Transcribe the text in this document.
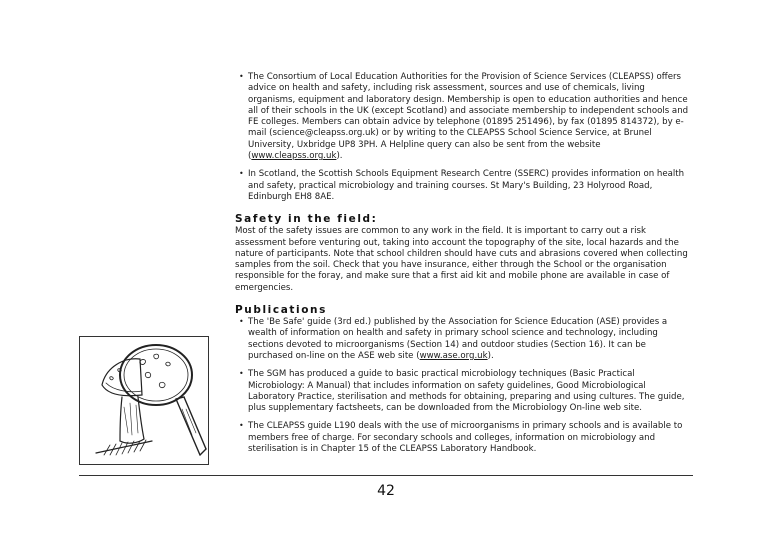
• The Consortium of Local Education Authorities for the Provision of Science Services (CLEAPSS) offers advice on health and safety, including risk assessment, sources and use of chemicals, living organisms, equipment and laboratory design. Membership is open to education authorities and hence all of their schools in the UK (except Scotland) and associate membership to independent schools and FE colleges. Members can obtain advice by telephone (01895 251496), by fax (01895 814372), by e-mail (science@cleapss.org.uk) or by writing to the CLEAPSS School Science Service, at Brunel University, Uxbridge UP8 3PH. A Helpline query can also be sent from the website (www.cleapss.org.uk).
• In Scotland, the Scottish Schools Equipment Research Centre (SSERC) provides information on health and safety, practical microbiology and training courses. St Mary's Building, 23 Holyrood Road, Edinburgh EH8 8AE.
Safety in the field:

Most of the safety issues are common to any work in the field. It is important to carry out a risk assessment before venturing out, taking into account the topography of the site, local hazards and the nature of participants. Note that school children should have cuts and abrasions covered when collecting samples from the soil. Check that you have insurance, either through the School or the organisation responsible for the foray, and make sure that a first aid kit and mobile phone are available in case of emergencies.

Publications
• The 'Be Safe' guide (3rd ed.) published by the Association for Science Education (ASE) provides a wealth of information on health and safety in primary school science and technology, including sections devoted to microorganisms (Section 14) and outdoor studies (Section 16). It can be purchased on-line on the ASE web site (www.ase.org.uk).
• The SGM has produced a guide to basic practical microbiology techniques (Basic Practical Microbiology: A Manual) that includes information on safety guidelines, Good Microbiological Laboratory Practice, sterilisation and methods for obtaining, preparing and using cultures. The guide, plus supplementary factsheets, can be downloaded from the Microbiology On-line web site.
• The CLEAPSS guide L190 deals with the use of microorganisms in primary schools and is available to members free of charge. For secondary schools and colleges, information on microbiology and sterilisation is in Chapter 15 of the CLEAPSS Laboratory Handbook.
42
